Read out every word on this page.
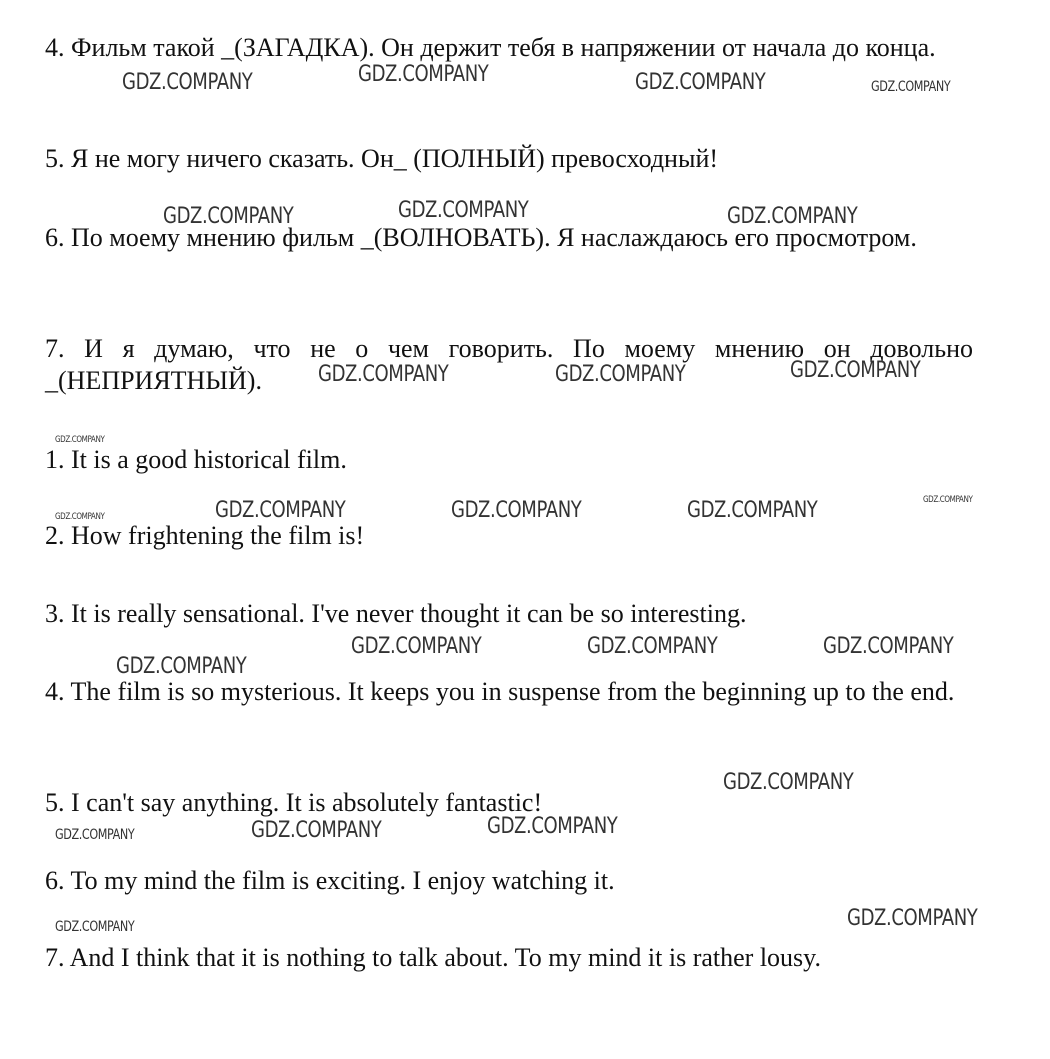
4. Фильм такой _(ЗАГАДКА). Он держит тебя в напряжении от начала до конца.
5. Я не могу ничего сказать. Он_ (ПОЛНЫЙ) превосходный!
6. По моему мнению фильм _(ВОЛНОВАТЬ). Я наслаждаюсь его просмотром.
7. И я думаю, что не о чем говорить. По моему мнению он довольно _(НЕПРИЯТНЫЙ).
1. It is a good historical film.
2. How frightening the film is!
3. It is really sensational. I've never thought it can be so interesting.
4. The film is so mysterious. It keeps you in suspense from the beginning up to the end.
5. I can't say anything. It is absolutely fantastic!
6. To my mind the film is exciting. I enjoy watching it.
7. And I think that it is nothing to talk about. To my mind it is rather lousy.
GDZ.COMPANY	GDZ.COMPANY	GDZ.COMPANY	GDZ.COMPANY
GDZ.COMPANY	GDZ.COMPANY	GDZ.COMPANY
GDZ.COMPANY	GDZ.COMPANY	GDZ.COMPANY
GDZ.COMPANY
GDZ.COMPANY	GDZ.COMPANY	GDZ.COMPANY	GDZ.COMPANY	GDZ.COMPANY
GDZ.COMPANY	GDZ.COMPANY	GDZ.COMPANY
GDZ.COMPANY
GDZ.COMPANY
GDZ.COMPANY	GDZ.COMPANY	GDZ.COMPANY
GDZ.COMPANY	GDZ.COMPANY
